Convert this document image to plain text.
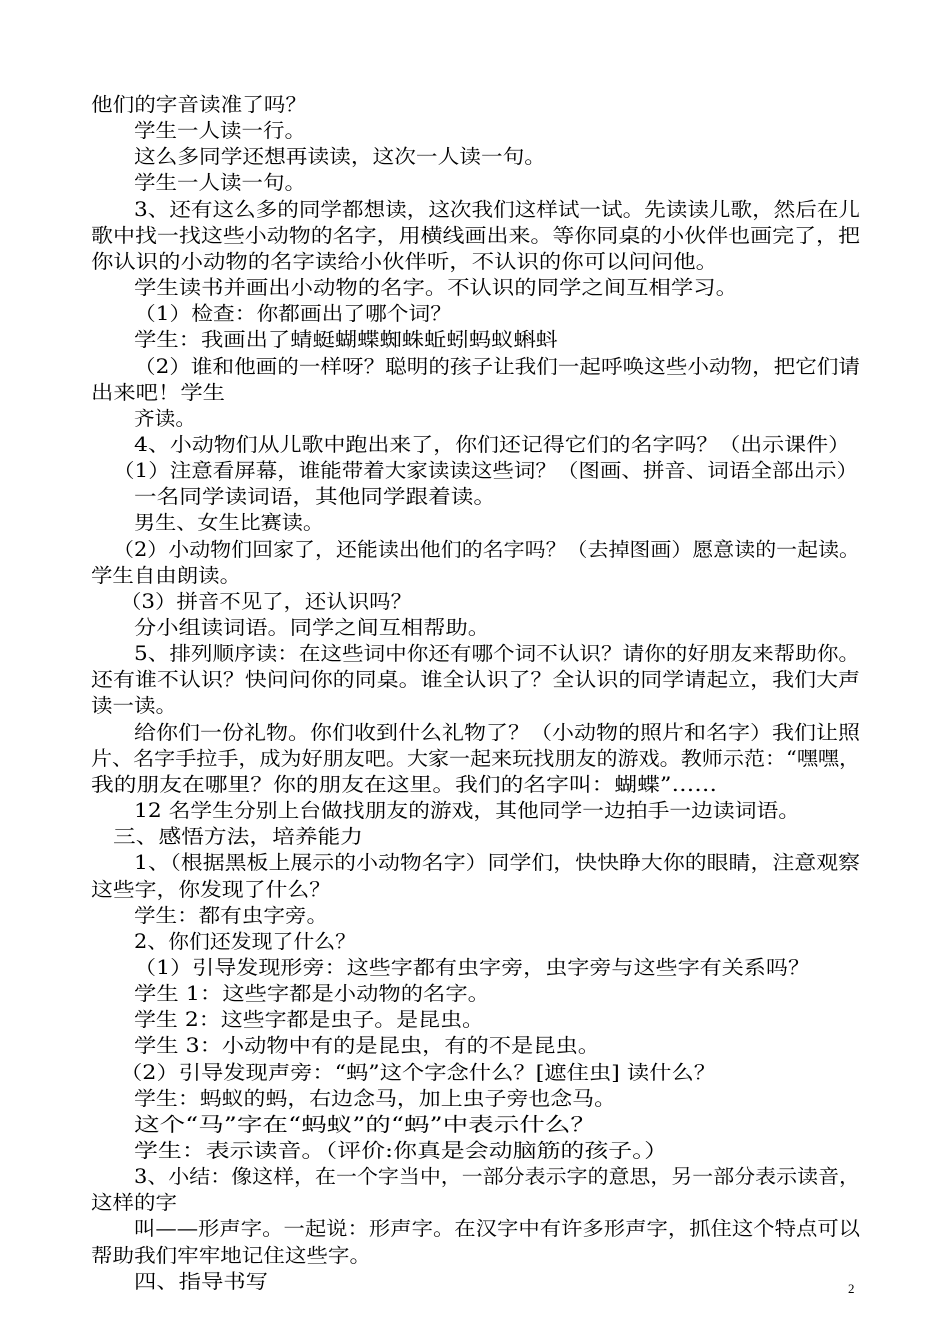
他们的字音读准了吗？
学生一人读一行。
这么多同学还想再读读，这次一人读一句。
学生一人读一句。
3、还有这么多的同学都想读，这次我们这样试一试。先读读儿歌，然后在儿
歌中找一找这些小动物的名字，用横线画出来。等你同桌的小伙伴也画完了，把
你认识的小动物的名字读给小伙伴听，不认识的你可以问问他。
学生读书并画出小动物的名字。不认识的同学之间互相学习。
（1）检查：你都画出了哪个词？
学生：我画出了蜻蜓蝴蝶蜘蛛蚯蚓蚂蚁蝌蚪
（2）谁和他画的一样呀？聪明的孩子让我们一起呼唤这些小动物，把它们请
出来吧！学生
齐读。
4、小动物们从儿歌中跑出来了，你们还记得它们的名字吗？（出示课件）
（1）注意看屏幕，谁能带着大家读读这些词？（图画、拼音、词语全部出示）
一名同学读词语，其他同学跟着读。
男生、女生比赛读。
（2）小动物们回家了，还能读出他们的名字吗？（去掉图画）愿意读的一起读。
学生自由朗读。
（3）拼音不见了，还认识吗？
分小组读词语。同学之间互相帮助。
5、排列顺序读：在这些词中你还有哪个词不认识？请你的好朋友来帮助你。
还有谁不认识？快问问你的同桌。谁全认识了？全认识的同学请起立，我们大声
读一读。
给你们一份礼物。你们收到什么礼物了？（小动物的照片和名字）我们让照
片、名字手拉手，成为好朋友吧。大家一起来玩找朋友的游戏。教师示范：“嘿嘿，
我的朋友在哪里？你的朋友在这里。我们的名字叫：蝴蝶”……
12 名学生分别上台做找朋友的游戏，其他同学一边拍手一边读词语。
三、感悟方法，培养能力
1、（根据黑板上展示的小动物名字）同学们，快快睁大你的眼睛，注意观察
这些字，你发现了什么？
学生：都有虫字旁。
2、你们还发现了什么？
（1）引导发现形旁：这些字都有虫字旁，虫字旁与这些字有关系吗？
学生 1：这些字都是小动物的名字。
学生 2：这些字都是虫子。是昆虫。
学生 3：小动物中有的是昆虫，有的不是昆虫。
（2）引导发现声旁：“蚂”这个字念什么？[遮住虫] 读什么？
学生：蚂蚁的蚂，右边念马，加上虫子旁也念马。
这个“马”字在“蚂蚁”的“蚂”中表示什么？
学生：表示读音。（评价:你真是会动脑筋的孩子。）
3、小结：像这样，在一个字当中，一部分表示字的意思，另一部分表示读音，
这样的字
叫——形声字。一起说：形声字。在汉字中有许多形声字，抓住这个特点可以
帮助我们牢牢地记住这些字。
四、指导书写	2
